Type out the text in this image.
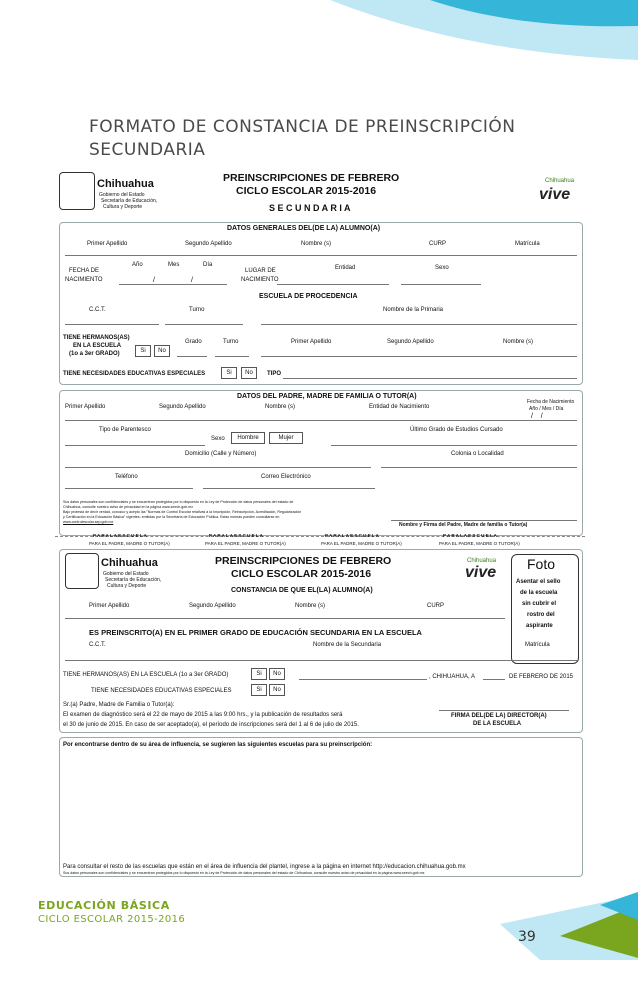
FORMATO DE CONSTANCIA DE PREINSCRIPCIÓN
SECUNDARIA
Chihuahua
Gobierno del Estado
Secretaría de Educación,
Cultura y Deporte
PREINSCRIPCIONES DE FEBRERO
CICLO ESCOLAR 2015-2016
S E C U N D A R I A
Chihuahua
vive
DATOS GENERALES DEL(DE LA) ALUMNO(A)
Primer Apellido	Segundo Apellido	Nombre (s)	CURP	Matrícula
FECHA DE
NACIMIENTO
Año	Mes	Día
/	/
LUGAR DE
NACIMIENTO
Entidad	Sexo
ESCUELA DE PROCEDENCIA
C.C.T.	Turno	Nombre de la Primaria
TIENE HERMANOS(AS)
EN LA ESCUELA
(1o a 3er GRADO)	Si	No
Grado	Turno	Primer Apellido	Segundo Apellido	Nombre (s)
TIENE NECESIDADES EDUCATIVAS ESPECIALES	Si	No	TIPO
DATOS DEL PADRE, MADRE DE FAMILIA O TUTOR(A)
Primer Apellido	Segundo Apellido	Nombre (s)	Entidad de Nacimiento
Fecha de Nacimiento
Año / Mes / Día
/    /
Tipo de Parentesco
Sexo	Hombre	Mujer
Último Grado de Estudios Cursado
Domicilio (Calle y Número)	Colonia o Localidad
Teléfono	Correo Electrónico
Sus datos personales son confidenciales y se encuentran protegidos por lo dispuesto en la Ley de Protección de datos personales del estado de
Chihuahua, consulte nuestro aviso de privacidad en la página www.seech.gob.mx
Bajo protesta de decir verdad, conozco y acepto las "Normas de Control Escolar relativas a la Inscripción, Reinscripción, Acreditación, Regularización
y Certificación en la Educación Básica" vigentes, emitidas por la Secretaría de Educación Pública. Estas normas pueden consultarse en
www.controlescolar.sep.gob.mx	Nombre y Firma del Padre, Madre de familia o Tutor(a)
P A R A L A E S C U E L A	P A R A L A E S C U E L A	P A R A L A E S C U E L A	P A R A L A E S C U E L A
PARA EL PADRE, MADRE O TUTOR(A)	PARA EL PADRE, MADRE O TUTOR(A)	PARA EL PADRE, MADRE O TUTOR(A)	PARA EL PADRE, MADRE O TUTOR(A)
Chihuahua
Gobierno del Estado
Secretaría de Educación,
Cultura y Deporte
PREINSCRIPCIONES DE FEBRERO
CICLO ESCOLAR 2015-2016
CONSTANCIA DE QUE EL(LA) ALUMNO(A)
Chihuahua
vive Foto
Asentar el sello
de la escuela
sin cubrir el
rostro del
aspirante
Primer Apellido	Segundo Apellido	Nombre (s)	CURP
ES PREINSCRITO(A) EN EL PRIMER GRADO DE EDUCACIÓN SECUNDARIA EN LA ESCUELA
C.C.T.	Nombre de la Secundaria	Matrícula
TIENE HERMANOS(AS) EN LA ESCUELA (1o a 3er GRADO)	Si	No
TIENE NECESIDADES EDUCATIVAS ESPECIALES	Si	No
, CHIHUAHUA, A	DE FEBRERO DE 2015
Sr.(a) Padre, Madre de Familia o Tutor(a):
El examen de diagnóstico será el 22 de mayo de 2015 a las 9:00 hrs., y la publicación de resultados será
el 30 de junio de 2015. En caso de ser aceptado(a), el período de inscripciones será del 1 al 6 de julio de 2015.
FIRMA DEL(DE LA) DIRECTOR(A)
DE LA ESCUELA
Por encontrarse dentro de su área de influencia, se sugieren las siguientes escuelas para su preinscripción:
Para consultar el resto de las escuelas que están en el área de influencia del plantel, ingrese a la página en internet http://educacion.chihuahua.gob.mx
Sus datos personales son confidenciales y se encuentran protegidos por lo dispuesto en la Ley de Protección de datos personales del estado de Chihuahua, consulte nuestro aviso de privacidad en la página www.seech.gob.mx
EDUCACIÓN BÁSICA
CICLO ESCOLAR 2015-2016
39
